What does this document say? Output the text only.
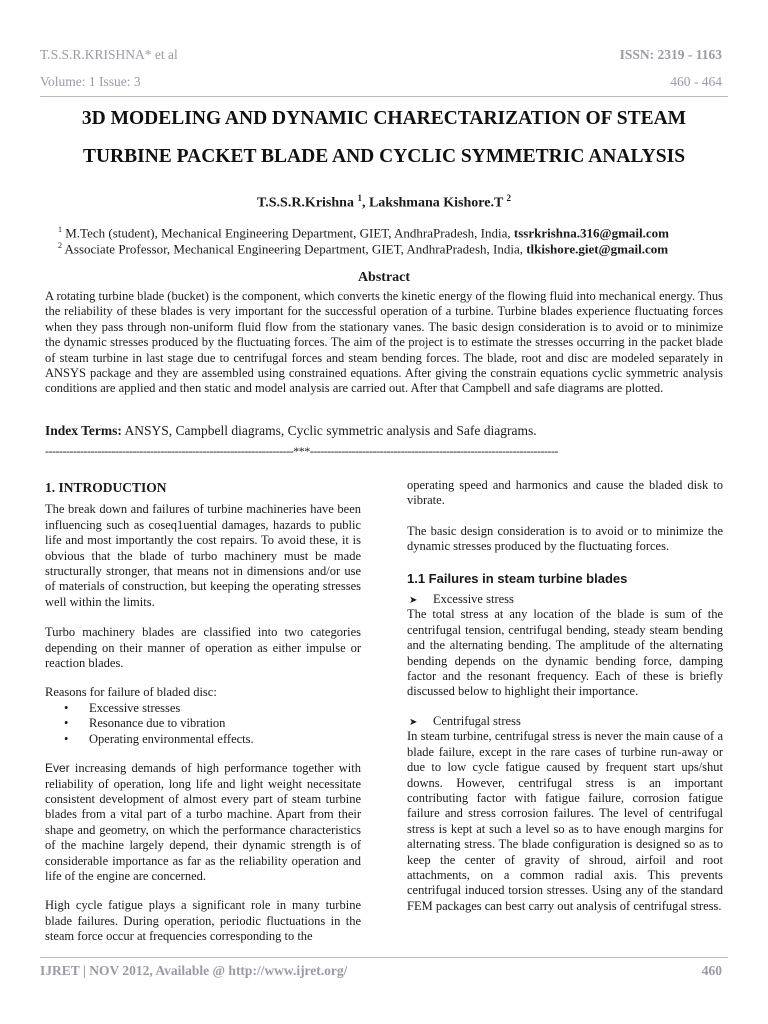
T.S.S.R.KRISHNA* et al	ISSN: 2319 - 1163
Volume: 1 Issue: 3	460 - 464
3D MODELING AND DYNAMIC CHARECTARIZATION OF STEAM
TURBINE PACKET BLADE AND CYCLIC SYMMETRIC ANALYSIS
T.S.S.R.Krishna $^1$, Lakshmana Kishore.T $^2$
$^1$ M.Tech (student), Mechanical Engineering Department, GIET, AndhraPradesh, India, tssrkrishna.316@gmail.com
$^2$ Associate Professor, Mechanical Engineering Department, GIET, AndhraPradesh, India, tlkishore.giet@gmail.com
Abstract
A rotating turbine blade (bucket) is the component, which converts the kinetic energy of the flowing fluid into mechanical energy. Thus the reliability of these blades is very important for the successful operation of a turbine. Turbine blades experience fluctuating forces when they pass through non-uniform fluid flow from the stationary vanes. The basic design consideration is to avoid or to minimize the dynamic stresses produced by the fluctuating forces. The aim of the project is to estimate the stresses occurring in the packet blade of steam turbine in last stage due to centrifugal forces and steam bending forces. The blade, root and disc are modeled separately in ANSYS package and they are assembled using constrained equations. After giving the constrain equations cyclic symmetric analysis conditions are applied and then static and model analysis are carried out. After that Campbell and safe diagrams are plotted.
Index Terms: ANSYS, Campbell diagrams, Cyclic symmetric analysis and Safe diagrams.
-----------------------------------------------------------------------***-----------------------------------------------------------------------

1. INTRODUCTION

The break down and failures of turbine machineries have been influencing such as coseq1uential damages, hazards to public life and most importantly the cost repairs. To avoid these, it is obvious that the blade of turbo machinery must be made structurally stronger, that means not in dimensions and/or use of materials of construction, but keeping the operating stresses well within the limits.

Turbo machinery blades are classified into two categories depending on their manner of operation as either impulse or reaction blades.

Reasons for failure of bladed disc:

• Excessive stresses
• Resonance due to vibration
• Operating environmental effects.

Ever increasing demands of high performance together with reliability of operation, long life and light weight necessitate consistent development of almost every part of steam turbine blades from a vital part of a turbo machine. Apart from their shape and geometry, on which the performance characteristics of the machine largely depend, their dynamic strength is of considerable importance as far as the reliability operation and life of the engine are concerned.

High cycle fatigue plays a significant role in many turbine blade failures. During operation, periodic fluctuations in the steam force occur at frequencies corresponding to the

operating speed and harmonics and cause the bladed disk to vibrate.

The basic design consideration is to avoid or to minimize the dynamic stresses produced by the fluctuating forces.

1.1 Failures in steam turbine blades

➤ Excessive stress

The total stress at any location of the blade is sum of the centrifugal tension, centrifugal bending, steady steam bending and the alternating bending. The amplitude of the alternating bending depends on the dynamic bending force, damping factor and the resonant frequency. Each of these is briefly discussed below to highlight their importance.

➤ Centrifugal stress

In steam turbine, centrifugal stress is never the main cause of a blade failure, except in the rare cases of turbine run-away or due to low cycle fatigue caused by frequent start ups/shut downs. However, centrifugal stress is an important contributing factor with fatigue failure, corrosion fatigue failure and stress corrosion failures. The level of centrifugal stress is kept at such a level so as to have enough margins for alternating stress. The blade configuration is designed so as to keep the center of gravity of shroud, airfoil and root attachments, on a common radial axis. This prevents centrifugal induced torsion stresses. Using any of the standard FEM packages can best carry out analysis of centrifugal stress.

IJRET | NOV 2012, Available @ http://www.ijret.org/	460
